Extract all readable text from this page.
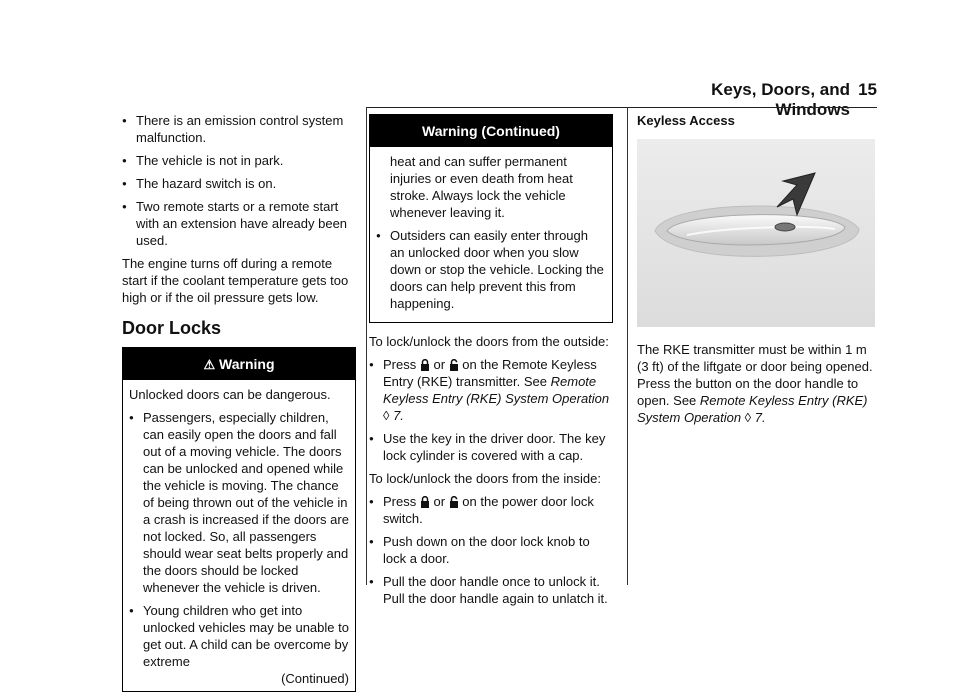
Keys, Doors, and Windows
15
● There is an emission control system malfunction.
● The vehicle is not in park.
● The hazard switch is on.
● Two remote starts or a remote start with an extension have already been used.

The engine turns off during a remote start if the coolant temperature gets too high or if the oil pressure gets low.

Door Locks
⚠ Warning

Unlocked doors can be dangerous.

● Passengers, especially children, can easily open the doors and fall out of a moving vehicle. The doors can be unlocked and opened while the vehicle is moving. The chance of being thrown out of the vehicle in a crash is increased if the doors are not locked. So, all passengers should wear seat belts properly and the doors should be locked whenever the vehicle is driven.
● Young children who get into unlocked vehicles may be unable to get out. A child can be overcome by extreme
(Continued)
Warning (Continued)

heat and can suffer permanent injuries or even death from heat stroke. Always lock the vehicle whenever leaving it.

● Outsiders can easily enter through an unlocked door when you slow down or stop the vehicle. Locking the doors can help prevent this from happening.

To lock/unlock the doors from the outside:

● Press or on the Remote Keyless Entry (RKE) transmitter. See Remote Keyless Entry (RKE) System Operation ◊ 7.
● Use the key in the driver door. The key lock cylinder is covered with a cap.

To lock/unlock the doors from the inside:

● Press or on the power door lock switch.
● Push down on the door lock knob to lock a door.
● Pull the door handle once to unlock it. Pull the door handle again to unlatch it.

Keyless Access

The RKE transmitter must be within 1 m (3 ft) of the liftgate or door being opened. Press the button on the door handle to open. See Remote Keyless Entry (RKE) System Operation ◊ 7.
